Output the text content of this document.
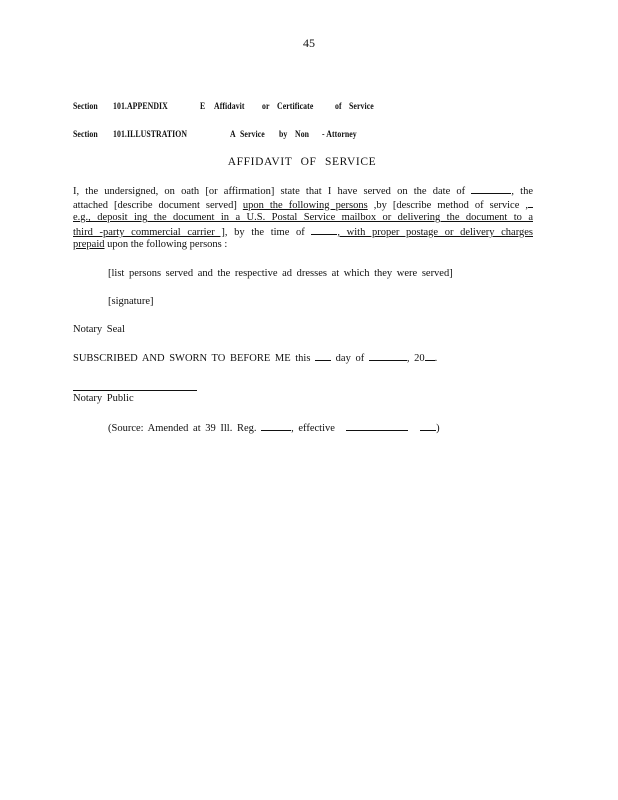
45
Section 101.APPENDIX	E Affidavit or Certificate of Service
Section 101.ILLUSTRATION	A Service by Non - Attorney
AFFIDAVIT OF SERVICE
I, the undersigned, on oath [or affirmation] state that I have served on the date of	, the
attached [describe document served] upon the following persons ,by [describe method of service ,
e.g., deposit ing the document in a U.S. Postal Service mailbox or delivering the document to a
third -party commercial carrier ], by the time of	, with proper postage or delivery charges
prepaid upon the following persons :
[list persons served and the respective ad dresses at which they were served]
[signature]
Notary Seal
SUBSCRIBED AND SWORN TO BEFORE ME this day of	, 20 .
Notary Public
(Source: Amended at 39 Ill. Reg.	, effective	)
